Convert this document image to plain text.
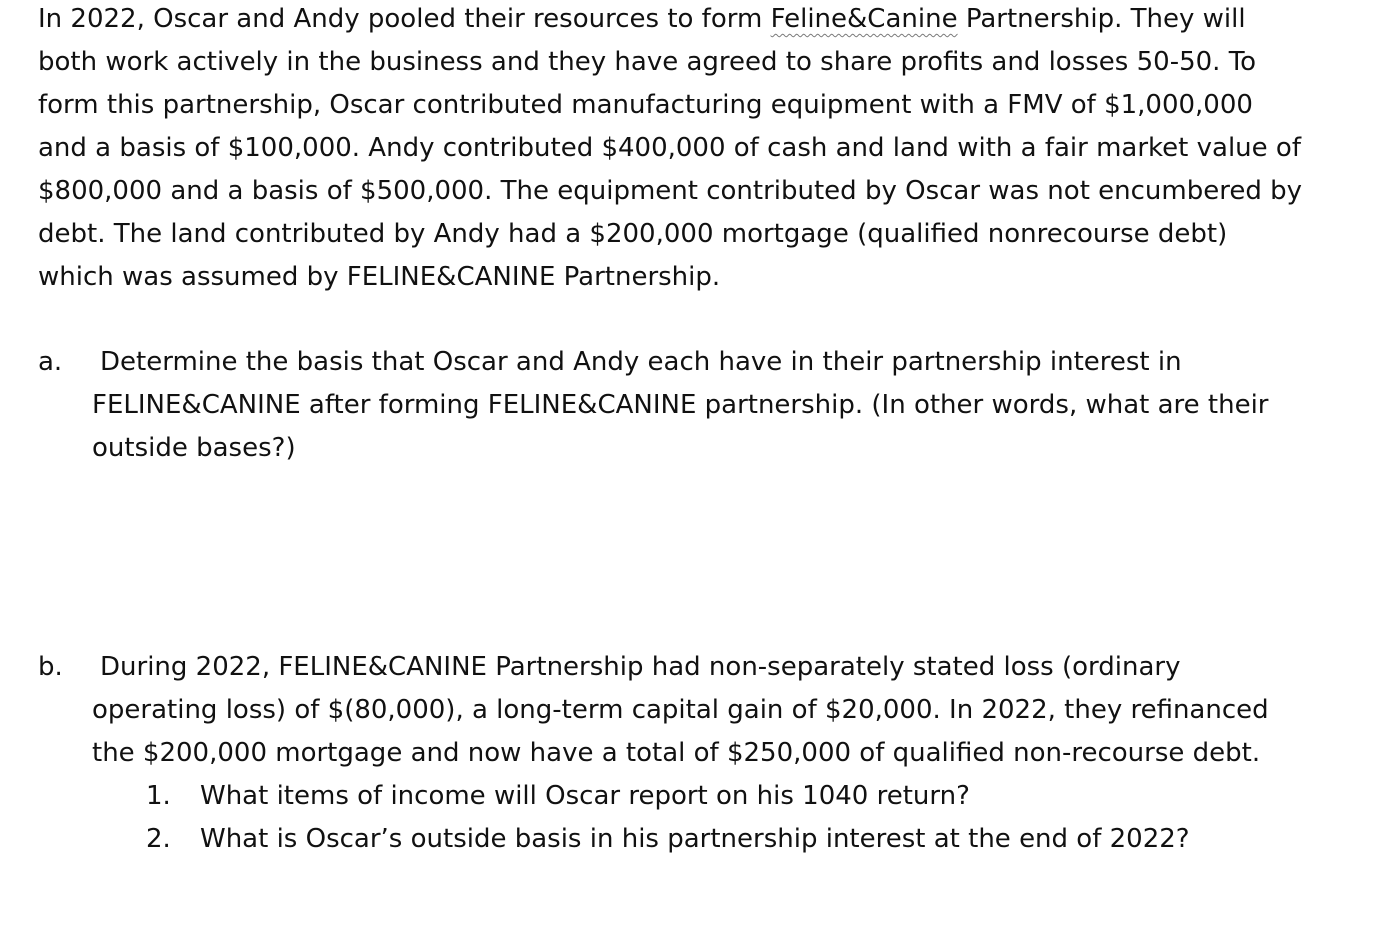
In 2022, Oscar and Andy pooled their resources to form Feline&Canine Partnership. They will
both work actively in the business and they have agreed to share profits and losses 50-50. To
form this partnership, Oscar contributed manufacturing equipment with a FMV of $1,000,000
and a basis of $100,000. Andy contributed $400,000 of cash and land with a fair market value of
$800,000 and a basis of $500,000. The equipment contributed by Oscar was not encumbered by
debt. The land contributed by Andy had a $200,000 mortgage (qualified nonrecourse debt)
which was assumed by FELINE&CANINE Partnership.
a. Determine the basis that Oscar and Andy each have in their partnership interest in
FELINE&CANINE after forming FELINE&CANINE partnership. (In other words, what are their
outside bases?)
b. During 2022, FELINE&CANINE Partnership had non-separately stated loss (ordinary
operating loss) of $(80,000), a long-term capital gain of $20,000. In 2022, they refinanced
the $200,000 mortgage and now have a total of $250,000 of qualified non-recourse debt.
1. What items of income will Oscar report on his 1040 return?
2. What is Oscar’s outside basis in his partnership interest at the end of 2022?
